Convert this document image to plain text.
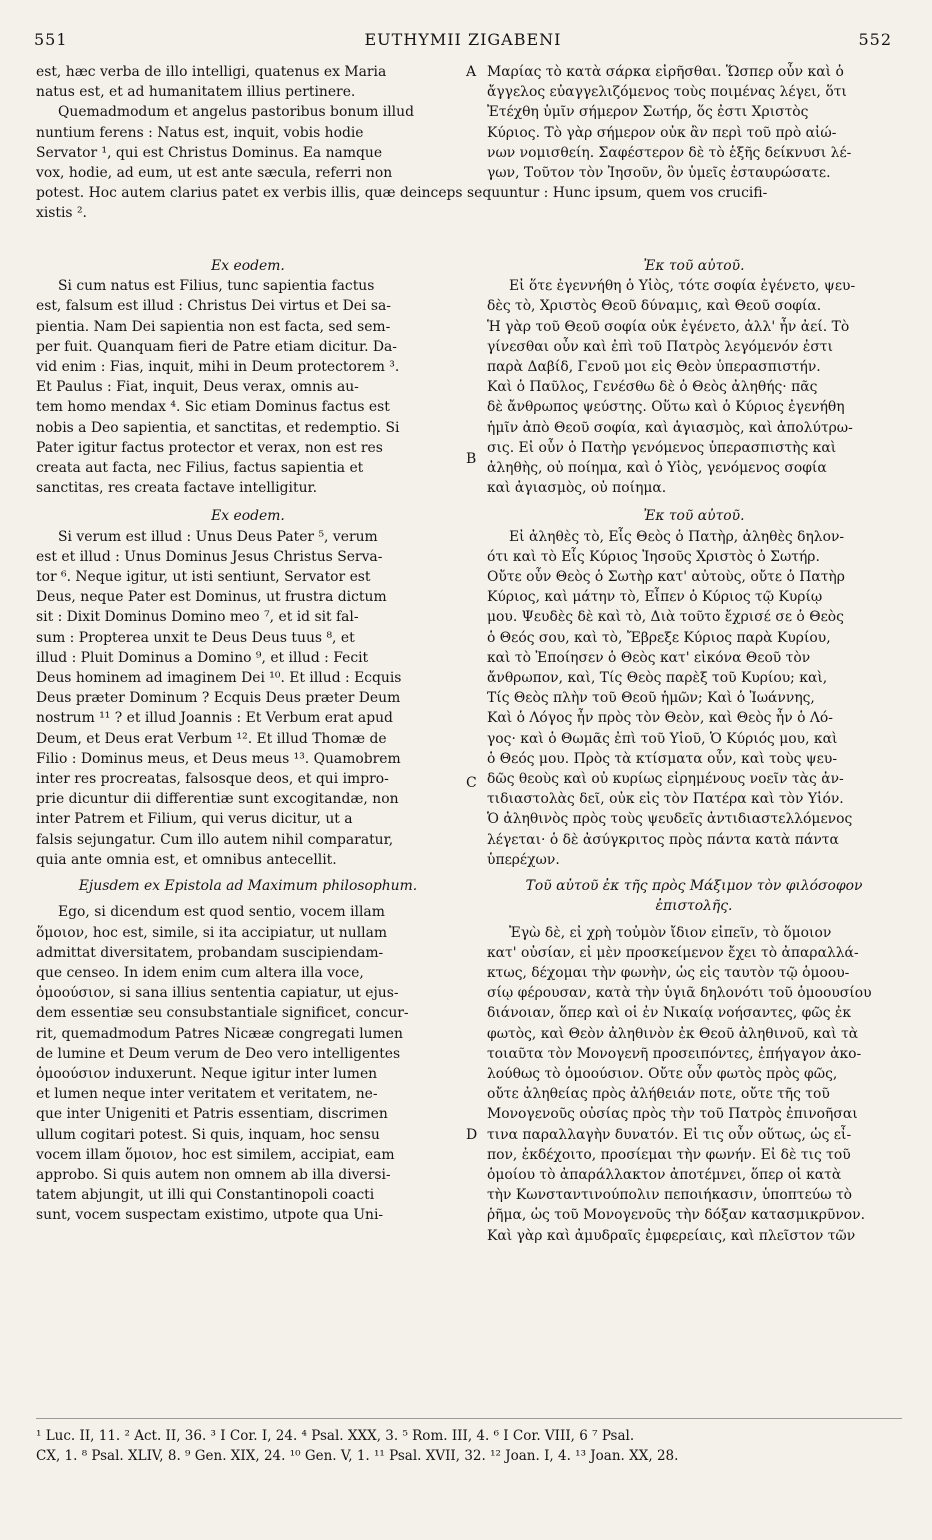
551	EUTHYMII ZIGABENI	552

est, hæc verba de illo intelligi, quatenus ex Maria

natus est, et ad humanitatem illius pertinere.

Quemadmodum et angelus pastoribus bonum illud

nuntium ferens : Natus est, inquit, vobis hodie

Servator ¹, qui est Christus Dominus. Ea namque

vox, hodie, ad eum, ut est ante sæcula, referri non

A Μαρίας τὸ κατὰ σάρκα εἰρῆσθαι. Ὥσπερ οὖν καὶ ὁ

ἄγγελος εὐαγγελιζόμενος τοὺς ποιμένας λέγει, ὅτι

Ἐτέχθη ὑμῖν σήμερον Σωτήρ, ὅς ἐστι Χριστὸς

Κύριος. Τὸ γὰρ σήμερον οὐκ ἂν περὶ τοῦ πρὸ αἰώ-

νων νομισθείη. Σαφέστερον δὲ τὸ ἑξῆς δείκνυσι λέ-

γων, Τοῦτον τὸν Ἰησοῦν, ὃν ὑμεῖς ἐσταυρώσατε.

potest. Hoc autem clarius patet ex verbis illis, quæ deinceps sequuntur : Hunc ipsum, quem vos crucifi-

xistis ².

Ex eodem.

Si cum natus est Filius, tunc sapientia factus

est, falsum est illud : Christus Dei virtus et Dei sa-

pientia. Nam Dei sapientia non est facta, sed sem-

per fuit. Quanquam fieri de Patre etiam dicitur. Da-

vid enim : Fias, inquit, mihi in Deum protectorem ³.

Et Paulus : Fiat, inquit, Deus verax, omnis au-

tem homo mendax ⁴. Sic etiam Dominus factus est

nobis a Deo sapientia, et sanctitas, et redemptio. Si

Pater igitur factus protector et verax, non est res

creata aut facta, nec Filius, factus sapientia et

sanctitas, res creata factave intelligitur.

Ex eodem.

Si verum est illud : Unus Deus Pater ⁵, verum

est et illud : Unus Dominus Jesus Christus Serva-

tor ⁶. Neque igitur, ut isti sentiunt, Servator est

Deus, neque Pater est Dominus, ut frustra dictum

sit : Dixit Dominus Domino meo ⁷, et id sit fal-

sum : Propterea unxit te Deus Deus tuus ⁸, et

illud : Pluit Dominus a Domino ⁹, et illud : Fecit

Deus hominem ad imaginem Dei ¹⁰. Et illud : Ecquis

Deus præter Dominum ? Ecquis Deus præter Deum

nostrum ¹¹ ? et illud Joannis : Et Verbum erat apud

Deum, et Deus erat Verbum ¹². Et illud Thomæ de

Filio : Dominus meus, et Deus meus ¹³. Quamobrem

inter res procreatas, falsosque deos, et qui impro-

prie dicuntur dii differentiæ sunt excogitandæ, non

inter Patrem et Filium, qui verus dicitur, ut a

falsis sejungatur. Cum illo autem nihil comparatur,

quia ante omnia est, et omnibus antecellit.

Ejusdem ex Epistola ad Maximum philosophum.

Ego, si dicendum est quod sentio, vocem illam

ὅμοιον, hoc est, simile, si ita accipiatur, ut nullam

admittat diversitatem, probandam suscipiendam-

que censeo. In idem enim cum altera illa voce,

ὁμοούσιον, si sana illius sententia capiatur, ut ejus-

dem essentiæ seu consubstantiale significet, concur-

rit, quemadmodum Patres Nicææ congregati lumen

de lumine et Deum verum de Deo vero intelligentes

ὁμοούσιον induxerunt. Neque igitur inter lumen

et lumen neque inter veritatem et veritatem, ne-

que inter Unigeniti et Patris essentiam, discrimen

ullum cogitari potest. Si quis, inquam, hoc sensu

vocem illam ὅμοιον, hoc est similem, accipiat, eam

approbo. Si quis autem non omnem ab illa diversi-

tatem abjungit, ut illi qui Constantinopoli coacti

sunt, vocem suspectam existimo, utpote qua Uni-

B
C
D

Ἐκ τοῦ αὐτοῦ.

Εἰ ὅτε ἐγεννήθη ὁ Υἱὸς, τότε σοφία ἐγένετο, ψευ-

δὲς τὸ, Χριστὸς Θεοῦ δύναμις, καὶ Θεοῦ σοφία.

Ἡ γὰρ τοῦ Θεοῦ σοφία οὐκ ἐγένετο, ἀλλ' ἦν ἀεί. Τὸ

γίνεσθαι οὖν καὶ ἐπὶ τοῦ Πατρὸς λεγόμενόν ἐστι

παρὰ Δαβίδ, Γενοῦ μοι εἰς Θεὸν ὑπερασπιστήν.

Καὶ ὁ Παῦλος, Γενέσθω δὲ ὁ Θεὸς ἀληθής· πᾶς

δὲ ἄνθρωπος ψεύστης. Οὕτω καὶ ὁ Κύριος ἐγενήθη

ἡμῖν ἀπὸ Θεοῦ σοφία, καὶ ἁγιασμὸς, καὶ ἀπολύτρω-

σις. Εἰ οὖν ὁ Πατὴρ γενόμενος ὑπερασπιστὴς καὶ

ἀληθὴς, οὐ ποίημα, καὶ ὁ Υἱὸς, γενόμενος σοφία

καὶ ἁγιασμὸς, οὐ ποίημα.

Ἐκ τοῦ αὐτοῦ.

Εἰ ἀληθὲς τὸ, Εἷς Θεὸς ὁ Πατὴρ, ἀληθὲς δηλον-

ότι καὶ τὸ Εἷς Κύριος Ἰησοῦς Χριστὸς ὁ Σωτήρ.

Οὔτε οὖν Θεὸς ὁ Σωτὴρ κατ' αὐτοὺς, οὔτε ὁ Πατὴρ

Κύριος, καὶ μάτην τὸ, Εἶπεν ὁ Κύριος τῷ Κυρίῳ

μου. Ψευδὲς δὲ καὶ τὸ, Διὰ τοῦτο ἔχρισέ σε ὁ Θεὸς

ὁ Θεός σου, καὶ τὸ, Ἔβρεξε Κύριος παρὰ Κυρίου,

καὶ τὸ Ἐποίησεν ὁ Θεὸς κατ' εἰκόνα Θεοῦ τὸν

ἄνθρωπον, καὶ, Τίς Θεὸς παρὲξ τοῦ Κυρίου; καὶ,

Τίς Θεὸς πλὴν τοῦ Θεοῦ ἡμῶν; Καὶ ὁ Ἰωάννης,

Καὶ ὁ Λόγος ἦν πρὸς τὸν Θεὸν, καὶ Θεὸς ἦν ὁ Λό-

γος· καὶ ὁ Θωμᾶς ἐπὶ τοῦ Υἱοῦ, Ὁ Κύριός μου, καὶ

ὁ Θεός μου. Πρὸς τὰ κτίσματα οὖν, καὶ τοὺς ψευ-

δῶς θεοὺς καὶ οὐ κυρίως εἰρημένους νοεῖν τὰς ἀν-

τιδιαστολὰς δεῖ, οὐκ εἰς τὸν Πατέρα καὶ τὸν Υἱόν.

Ὁ ἀληθινὸς πρὸς τοὺς ψευδεῖς ἀντιδιαστελλόμενος

λέγεται· ὁ δὲ ἀσύγκριτος πρὸς πάντα κατὰ πάντα

ὑπερέχων.

Τοῦ αὐτοῦ ἐκ τῆς πρὸς Μάξιμον τὸν φιλόσοφον

ἐπιστολῆς.

Ἐγὼ δὲ, εἰ χρὴ τοὐμὸν ἴδιον εἰπεῖν, τὸ ὅμοιον

κατ' οὐσίαν, εἰ μὲν προσκείμενον ἔχει τὸ ἀπαραλλά-

κτως, δέχομαι τὴν φωνὴν, ὡς εἰς ταυτὸν τῷ ὁμοου-

σίῳ φέρουσαν, κατὰ τὴν ὑγιᾶ δηλονότι τοῦ ὁμοουσίου

διάνοιαν, ὅπερ καὶ οἱ ἐν Νικαίᾳ νοήσαντες, φῶς ἐκ

φωτὸς, καὶ Θεὸν ἀληθινὸν ἐκ Θεοῦ ἀληθινοῦ, καὶ τὰ

τοιαῦτα τὸν Μονογενῆ προσειπόντες, ἐπήγαγον ἀκο-

λούθως τὸ ὁμοούσιον. Οὔτε οὖν φωτὸς πρὸς φῶς,

οὔτε ἀληθείας πρὸς ἀλήθειάν ποτε, οὔτε τῆς τοῦ

Μονογενοῦς οὐσίας πρὸς τὴν τοῦ Πατρὸς ἐπινοῆσαι

τινα παραλλαγὴν δυνατόν. Εἰ τις οὖν οὕτως, ὡς εἶ-

πον, ἐκδέχοιτο, προσίεμαι τὴν φωνήν. Εἰ δὲ τις τοῦ

ὁμοίου τὸ ἀπαράλλακτον ἀποτέμνει, ὅπερ οἱ κατὰ

τὴν Κωνσταντινούπολιν πεποιήκασιν, ὑποπτεύω τὸ

ῥῆμα, ὡς τοῦ Μονογενοῦς τὴν δόξαν κατασμικρῦνον.

Καὶ γὰρ καὶ ἀμυδραῖς ἐμφερείαις, καὶ πλεῖστον τῶν

¹ Luc. II, 11. ² Act. II, 36. ³ I Cor. I, 24. ⁴ Psal. XXX, 3. ⁵ Rom. III, 4. ⁶ I Cor. VIII, 6 ⁷ Psal.

CX, 1. ⁸ Psal. XLIV, 8. ⁹ Gen. XIX, 24. ¹⁰ Gen. V, 1. ¹¹ Psal. XVII, 32. ¹² Joan. I, 4. ¹³ Joan. XX, 28.
